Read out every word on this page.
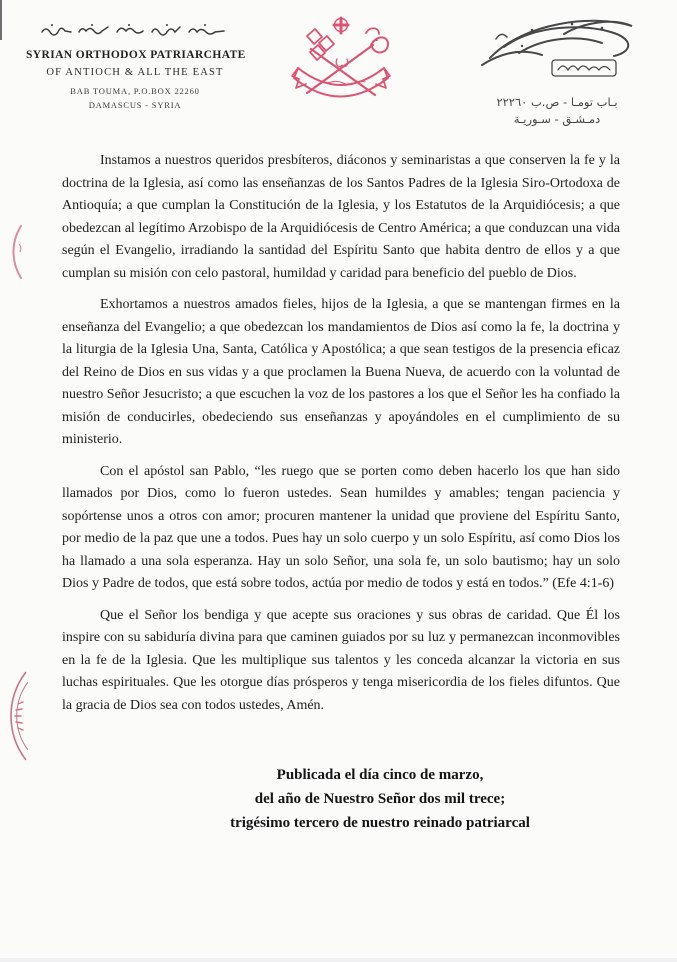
SYRIAN ORTHODOX PATRIARCHATE
OF ANTIOCH & ALL THE EAST
BAB TOUMA, P.O.BOX 22260
DAMASCUS - SYRIA	بـاب تومـا - ص.ب ٢٢٢٦٠
دمـشـق - سـوريـة

Instamos a nuestros queridos presbíteros, diáconos y seminaristas a que conserven la fe y la doctrina de la Iglesia, así como las enseñanzas de los Santos Padres de la Iglesia Siro-Ortodoxa de Antioquía; a que cumplan la Constitución de la Iglesia, y los Estatutos de la Arquidiócesis; a que obedezcan al legítimo Arzobispo de la Arquidiócesis de Centro América; a que conduzcan una vida según el Evangelio, irradiando la santidad del Espíritu Santo que habita dentro de ellos y a que cumplan su misión con celo pastoral, humildad y caridad para beneficio del pueblo de Dios.

Exhortamos a nuestros amados fieles, hijos de la Iglesia, a que se mantengan firmes en la enseñanza del Evangelio; a que obedezcan los mandamientos de Dios así como la fe, la doctrina y la liturgia de la Iglesia Una, Santa, Católica y Apostólica; a que sean testigos de la presencia eficaz del Reino de Dios en sus vidas y a que proclamen la Buena Nueva, de acuerdo con la voluntad de nuestro Señor Jesucristo; a que escuchen la voz de los pastores a los que el Señor les ha confiado la misión de conducirles, obedeciendo sus enseñanzas y apoyándoles en el cumplimiento de su ministerio.

Con el apóstol san Pablo, “les ruego que se porten como deben hacerlo los que han sido llamados por Dios, como lo fueron ustedes. Sean humildes y amables; tengan paciencia y sopórtense unos a otros con amor; procuren mantener la unidad que proviene del Espíritu Santo, por medio de la paz que une a todos. Pues hay un solo cuerpo y un solo Espíritu, así como Dios los ha llamado a una sola esperanza. Hay un solo Señor, una sola fe, un solo bautismo; hay un solo Dios y Padre de todos, que está sobre todos, actúa por medio de todos y está en todos.” (Efe 4:1-6)

Que el Señor los bendiga y que acepte sus oraciones y sus obras de caridad. Que Él los inspire con su sabiduría divina para que caminen guiados por su luz y permanezcan inconmovibles en la fe de la Iglesia. Que les multiplique sus talentos y les conceda alcanzar la victoria en sus luchas espirituales. Que les otorgue días prósperos y tenga misericordia de los fieles difuntos. Que la gracia de Dios sea con todos ustedes, Amén.

Publicada el día cinco de marzo,
del año de Nuestro Señor dos mil trece;
trigésimo tercero de nuestro reinado patriarcal
